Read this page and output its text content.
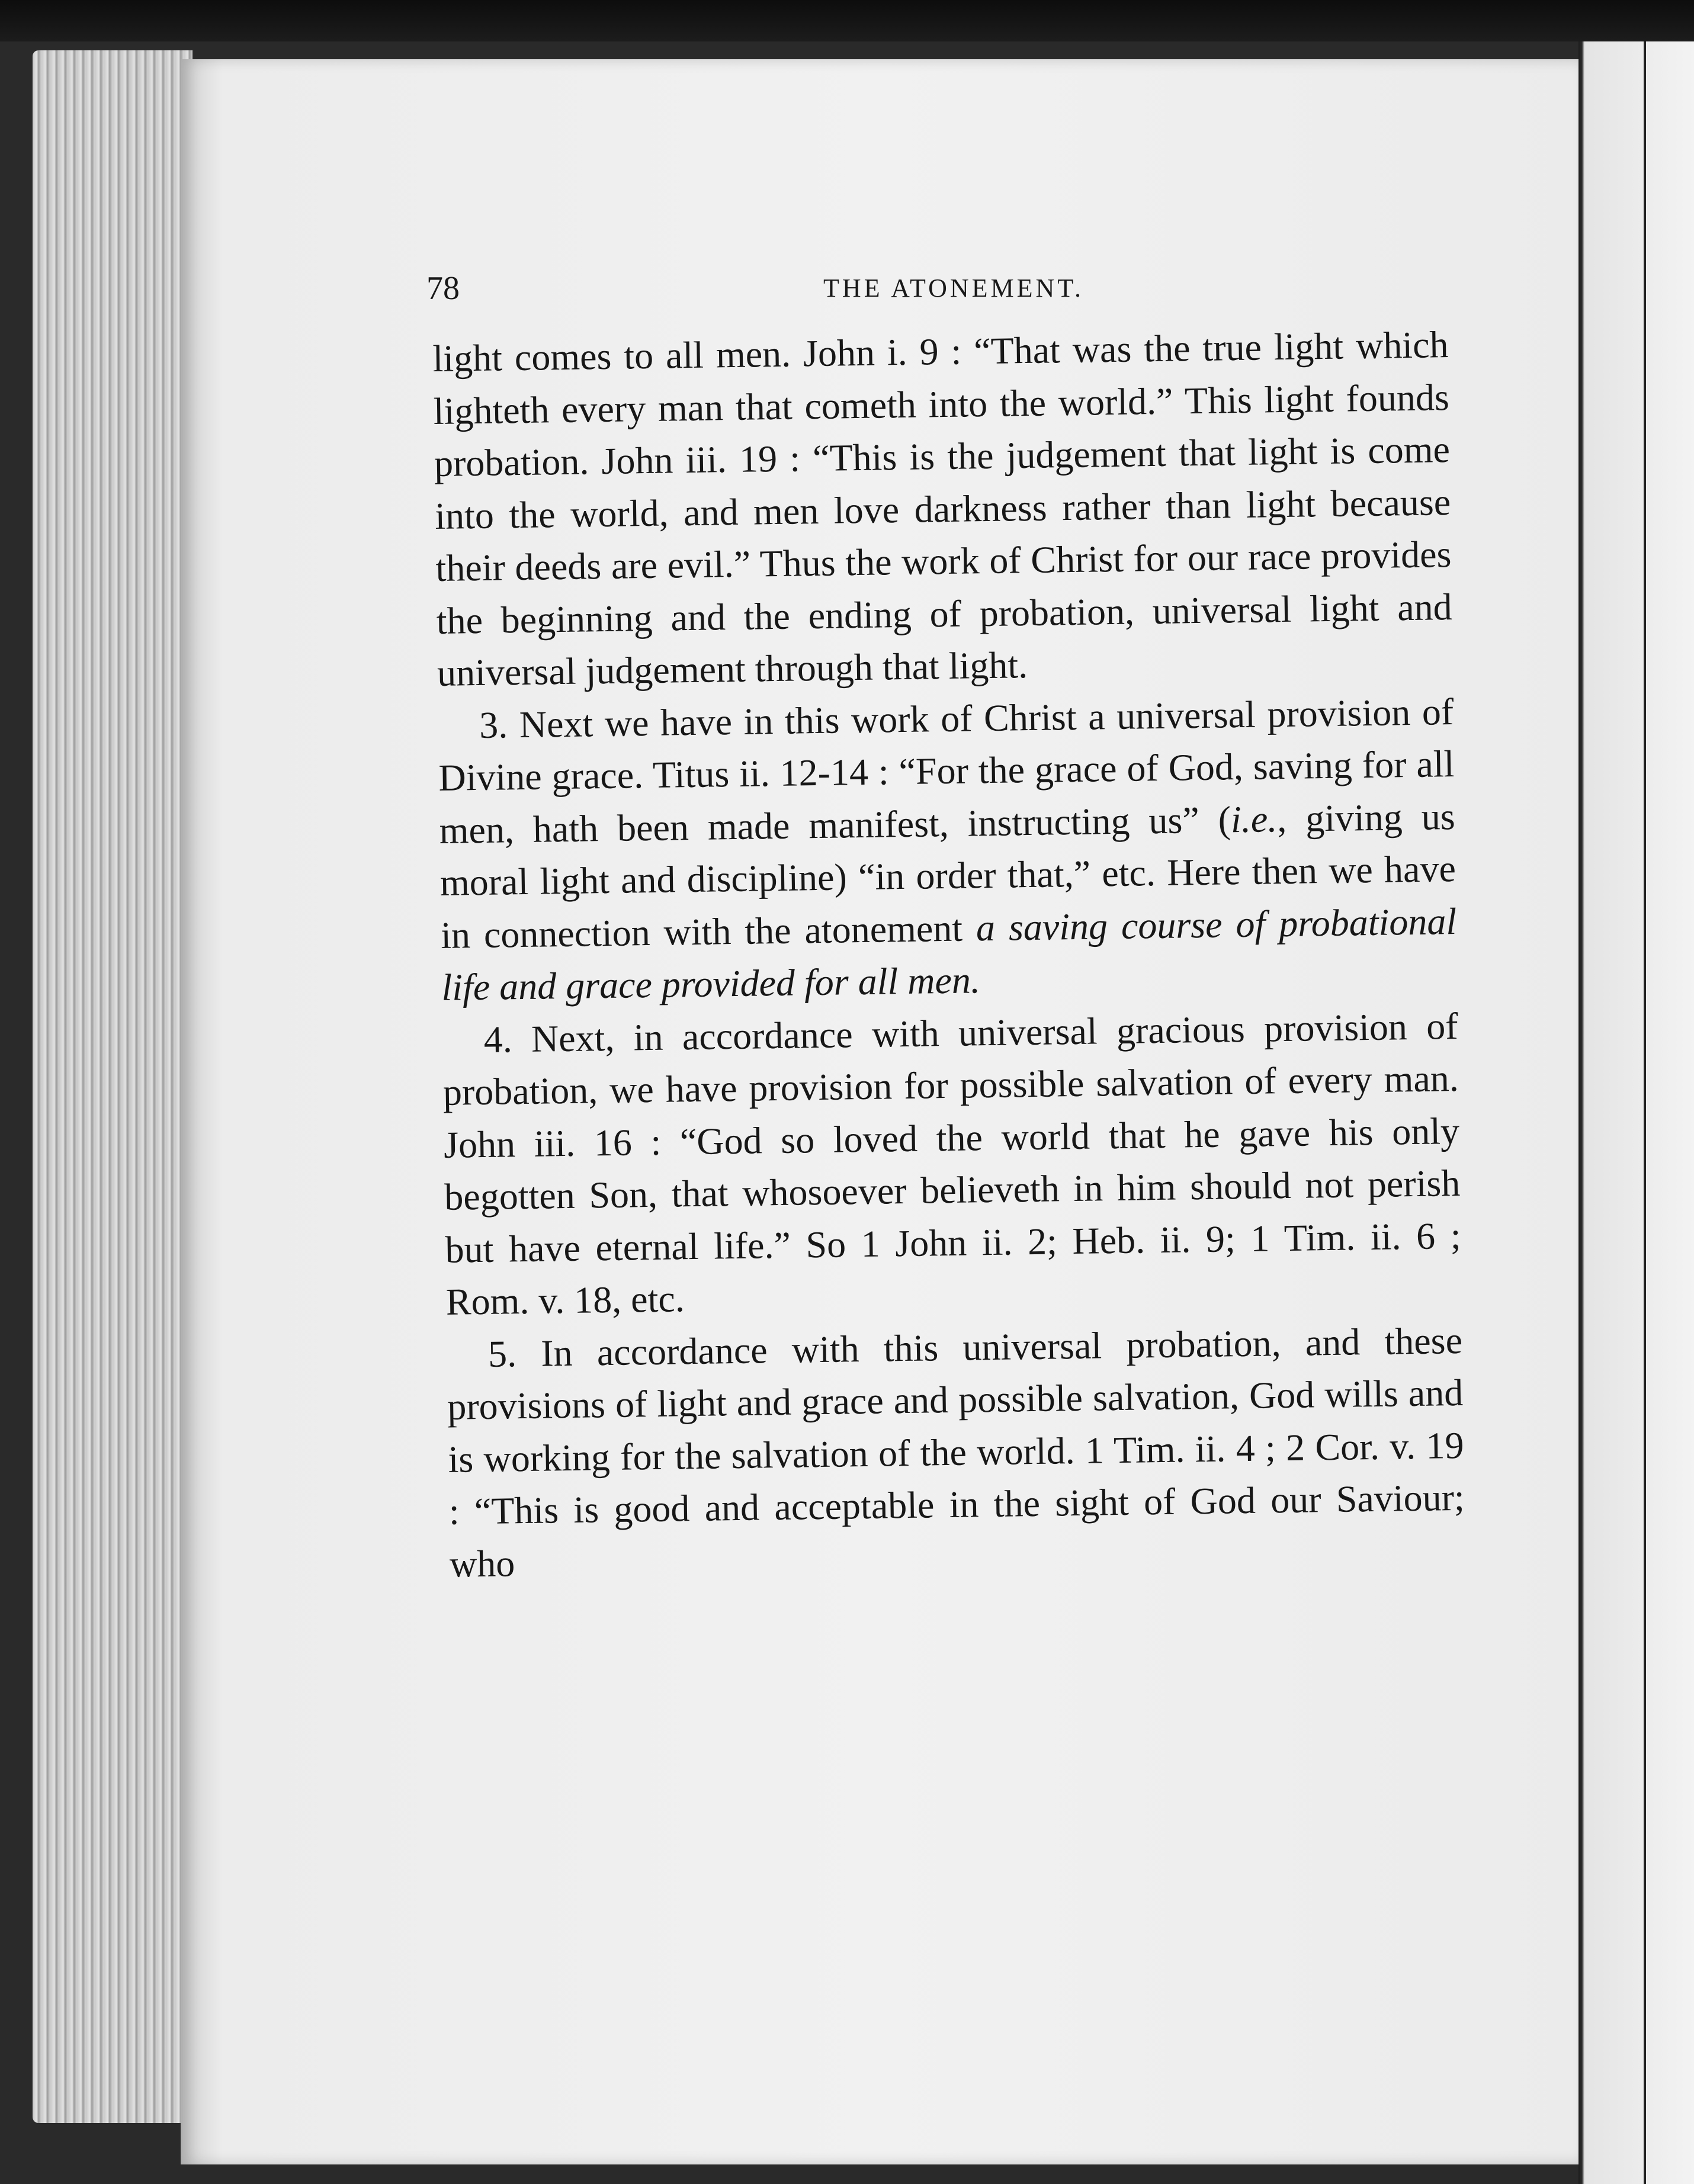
78	THE ATONEMENT.

light comes to all men. John i. 9 : “That was the true light which lighteth every man that cometh into the world.” This light founds probation. John iii. 19 : “This is the judgement that light is come into the world, and men love darkness rather than light because their deeds are evil.” Thus the work of Christ for our race provides the beginning and the ending of probation, universal light and universal judgement through that light.

3. Next we have in this work of Christ a universal provision of Divine grace. Titus ii. 12-14 : “For the grace of God, saving for all men, hath been made manifest, instructing us” (i.e., giving us moral light and discipline) “in order that,” etc. Here then we have in connection with the atonement a saving course of probational life and grace provided for all men.

4. Next, in accordance with universal gracious provision of probation, we have provision for possible salvation of every man. John iii. 16 : “God so loved the world that he gave his only begotten Son, that whosoever believeth in him should not perish but have eternal life.” So 1 John ii. 2; Heb. ii. 9; 1 Tim. ii. 6 ; Rom. v. 18, etc.

5. In accordance with this universal probation, and these provisions of light and grace and possible salvation, God wills and is working for the salvation of the world. 1 Tim. ii. 4 ; 2 Cor. v. 19 : “This is good and acceptable in the sight of God our Saviour; who
